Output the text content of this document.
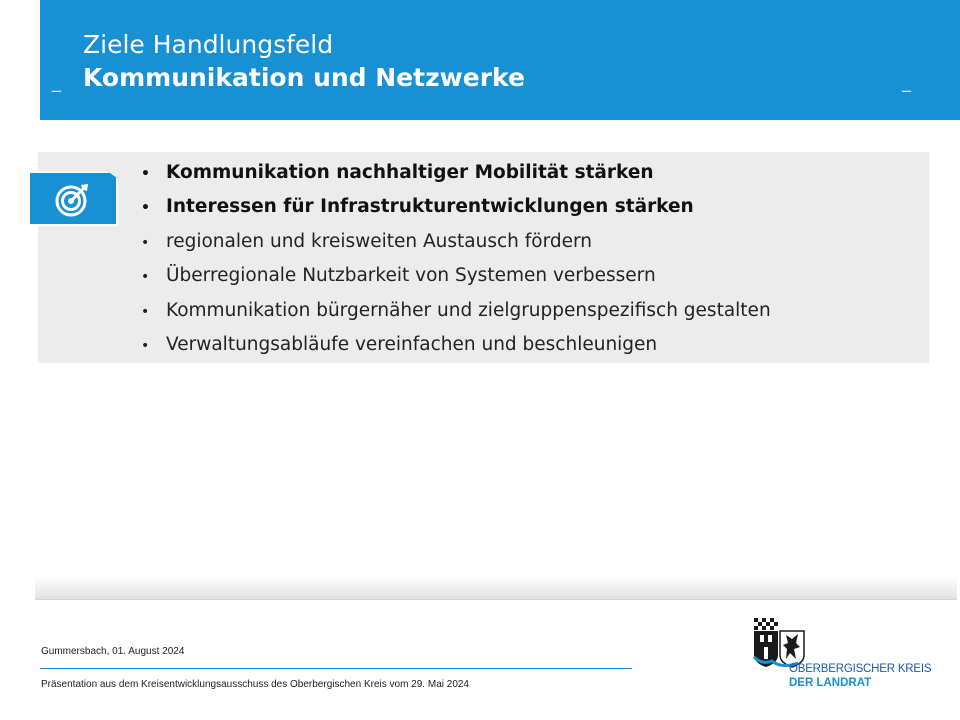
_
Ziele Handlungsfeld
Kommunikation und Netzwerke	_
• Kommunikation nachhaltiger Mobilität stärken
• Interessen für Infrastrukturentwicklungen stärken
• regionalen und kreisweiten Austausch fördern
• Überregionale Nutzbarkeit von Systemen verbessern
• Kommunikation bürgernäher und zielgruppenspezifisch gestalten
• Verwaltungsabläufe vereinfachen und beschleunigen
Gummersbach, 01. August 2024
Präsentation aus dem Kreisentwicklungsausschuss des Oberbergischen Kreis vom 29. Mai 2024
OBERBERGISCHER KREIS
DER LANDRAT
